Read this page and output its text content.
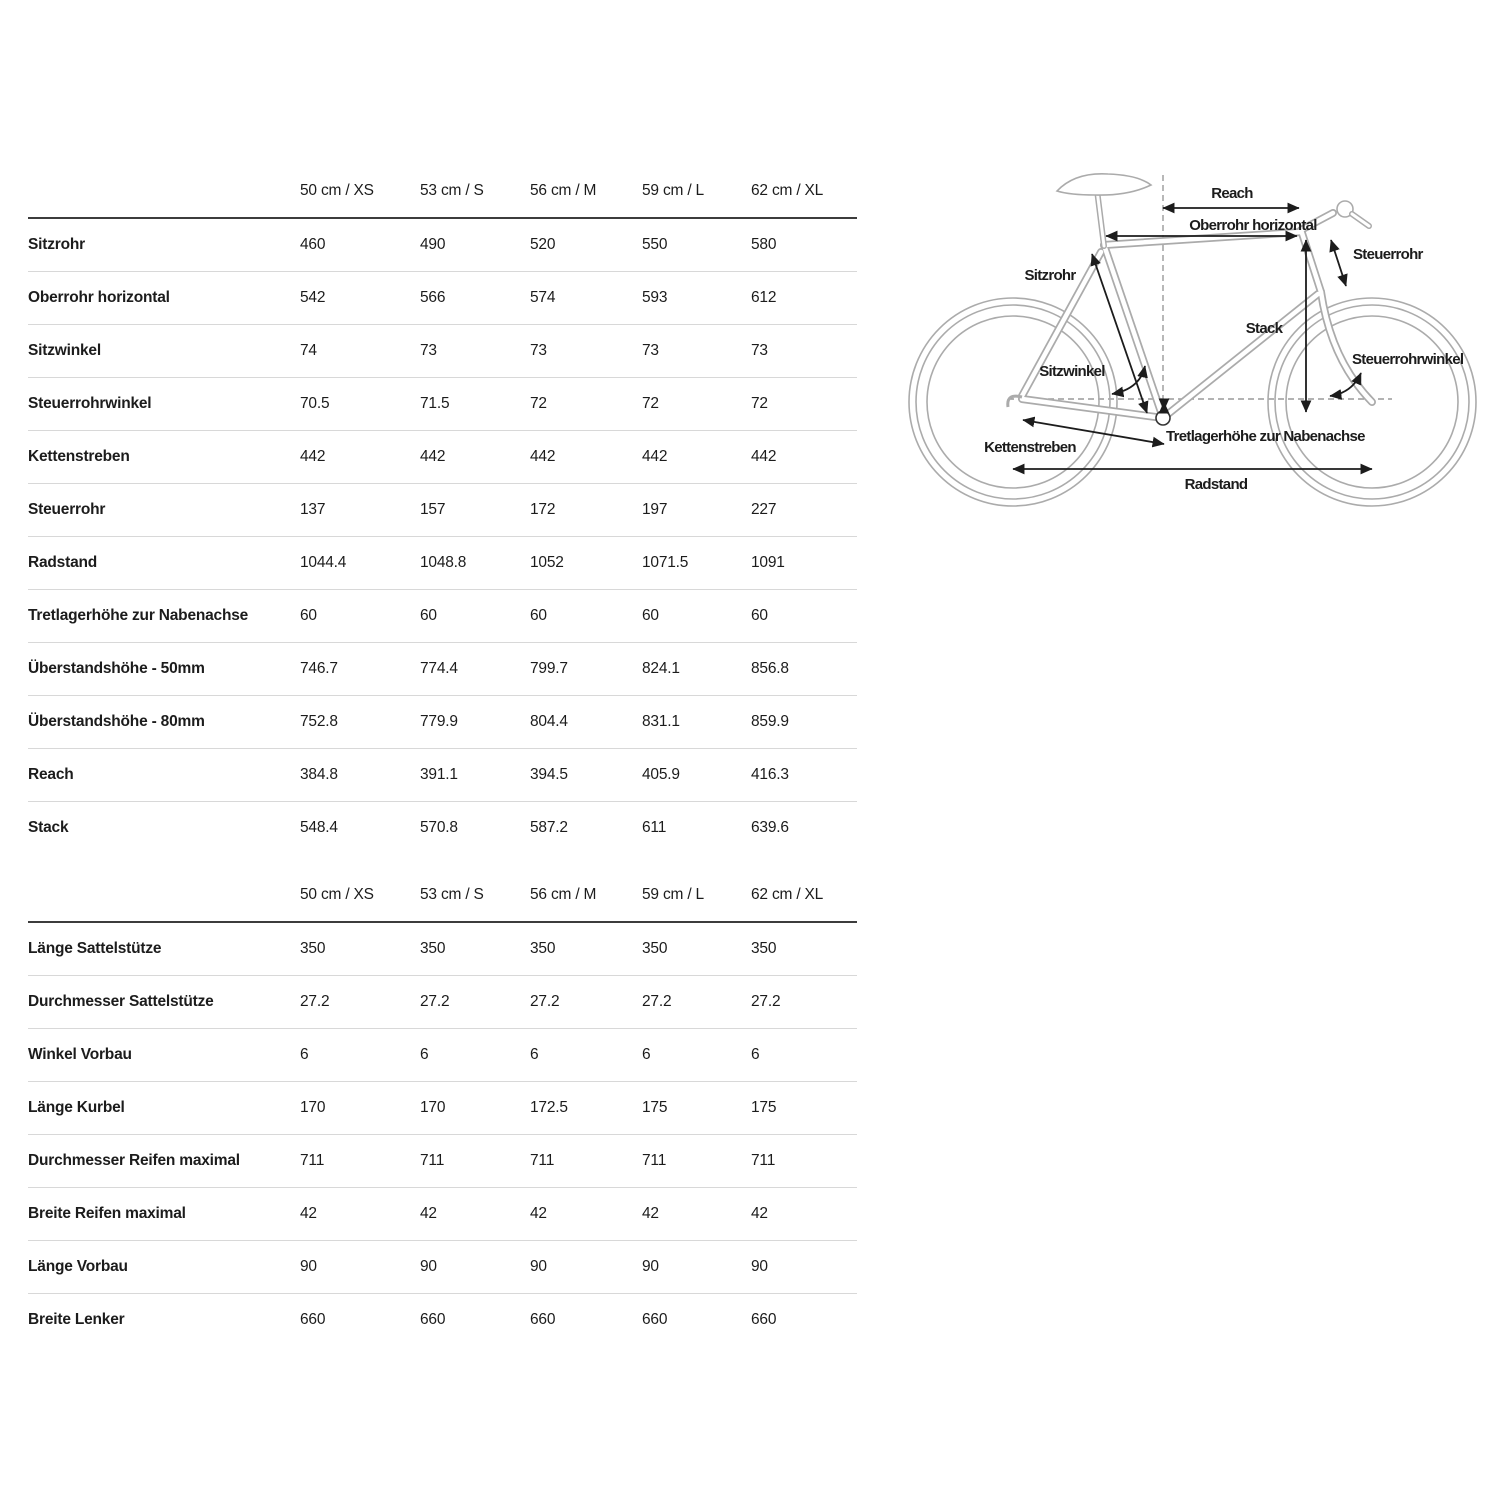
	50 cm / XS	53 cm / S	56 cm / M	59 cm / L	62 cm / XL
Sitzrohr	460	490	520	550	580
Oberrohr horizontal	542	566	574	593	612
Sitzwinkel	74	73	73	73	73
Steuerrohrwinkel	70.5	71.5	72	72	72
Kettenstreben	442	442	442	442	442
Steuerrohr	137	157	172	197	227
Radstand	1044.4	1048.8	1052	1071.5	1091
Tretlagerhöhe zur Nabenachse	60	60	60	60	60
Überstandshöhe - 50mm	746.7	774.4	799.7	824.1	856.8
Überstandshöhe - 80mm	752.8	779.9	804.4	831.1	859.9
Reach	384.8	391.1	394.5	405.9	416.3
Stack	548.4	570.8	587.2	611	639.6
	50 cm / XS	53 cm / S	56 cm / M	59 cm / L	62 cm / XL
Länge Sattelstütze	350	350	350	350	350
Durchmesser Sattelstütze	27.2	27.2	27.2	27.2	27.2
Winkel Vorbau	6	6	6	6	6
Länge Kurbel	170	170	172.5	175	175
Durchmesser Reifen maximal	711	711	711	711	711
Breite Reifen maximal	42	42	42	42	42
Länge Vorbau	90	90	90	90	90
Breite Lenker	660	660	660	660	660
Reach
Oberrohr horizontal
Steuerrohr
Sitzrohr
Stack
Steuerrohrwinkel
Sitzwinkel
Tretlagerhöhe zur Nabenachse
Kettenstreben
Radstand
